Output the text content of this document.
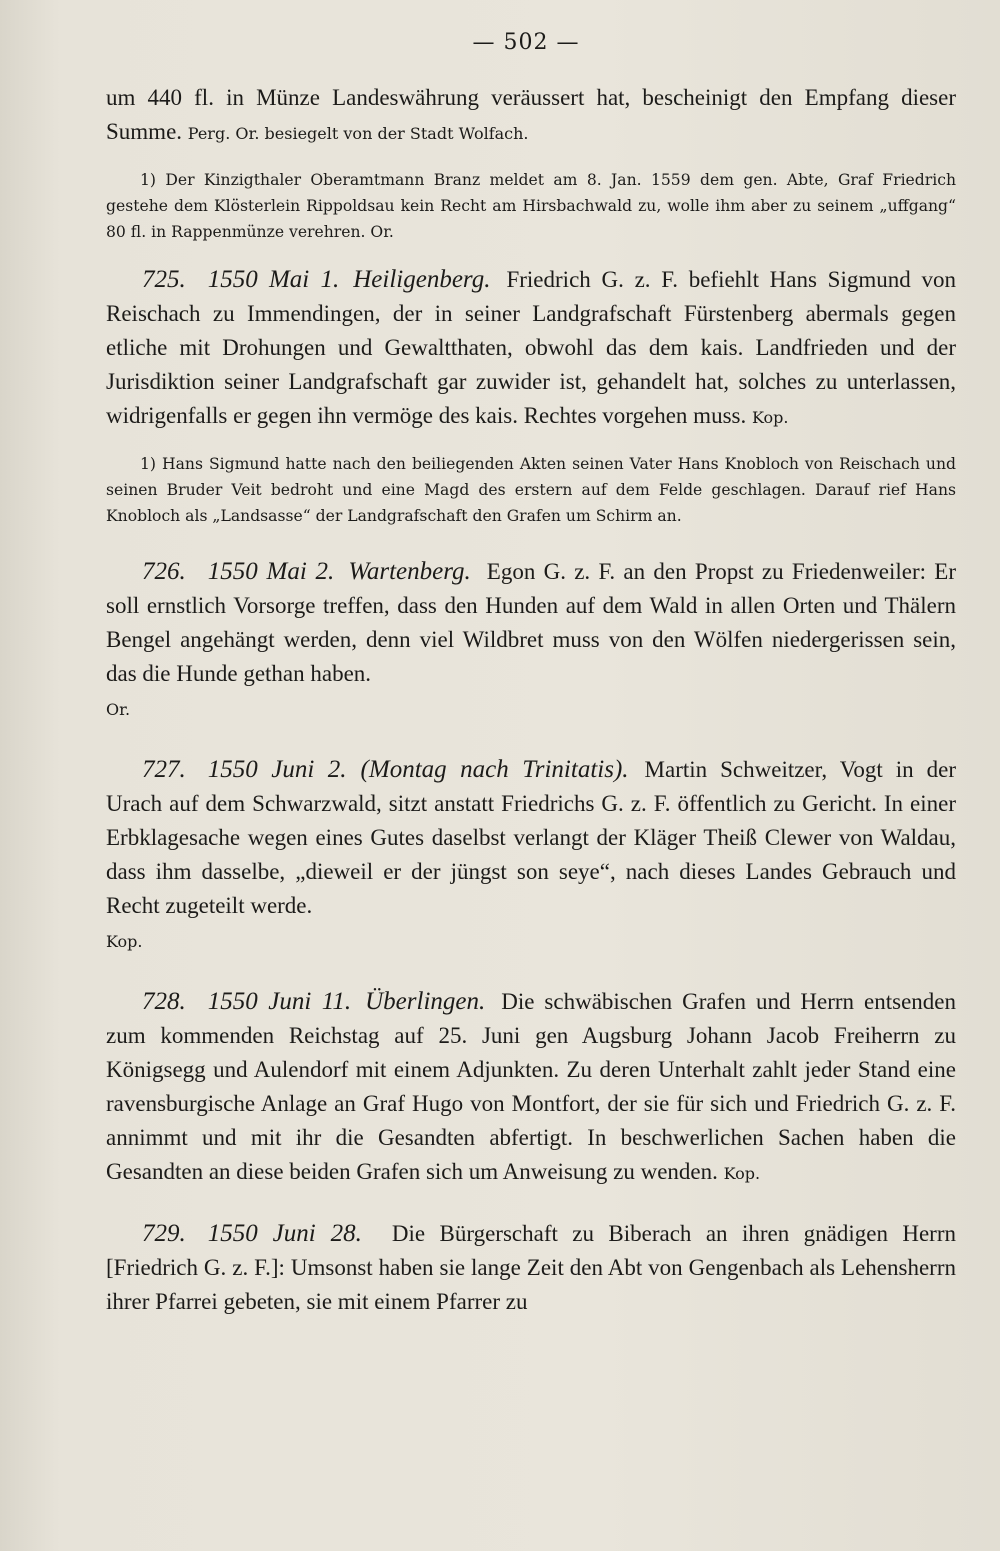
— 502 —

um 440 fl. in Münze Landeswährung veräussert hat, bescheinigt den Empfang dieser Summe. Perg. Or. besiegelt von der Stadt Wolfach.

1) Der Kinzigthaler Oberamtmann Branz meldet am 8. Jan. 1559 dem gen. Abte, Graf Friedrich gestehe dem Klösterlein Rippoldsau kein Recht am Hirsbachwald zu, wolle ihm aber zu seinem „uffgang“ 80 fl. in Rappenmünze verehren. Or.

725. 1550 Mai 1. Heiligenberg. Friedrich G. z. F. befiehlt Hans Sigmund von Reischach zu Immendingen, der in seiner Landgrafschaft Fürstenberg abermals gegen etliche mit Drohungen und Gewaltthaten, obwohl das dem kais. Landfrieden und der Jurisdiktion seiner Landgrafschaft gar zuwider ist, gehandelt hat, solches zu unterlassen, widrigenfalls er gegen ihn vermöge des kais. Rechtes vorgehen muss. Kop.

1) Hans Sigmund hatte nach den beiliegenden Akten seinen Vater Hans Knobloch von Reischach und seinen Bruder Veit bedroht und eine Magd des erstern auf dem Felde geschlagen. Darauf rief Hans Knobloch als „Landsasse“ der Landgrafschaft den Grafen um Schirm an.

726. 1550 Mai 2. Wartenberg. Egon G. z. F. an den Propst zu Friedenweiler: Er soll ernstlich Vorsorge treffen, dass den Hunden auf dem Wald in allen Orten und Thälern Bengel angehängt werden, denn viel Wildbret muss von den Wölfen niedergerissen sein, das die Hunde gethan haben.
Or.

727. 1550 Juni 2. (Montag nach Trinitatis). Martin Schweitzer, Vogt in der Urach auf dem Schwarzwald, sitzt anstatt Friedrichs G. z. F. öffentlich zu Gericht. In einer Erbklagesache wegen eines Gutes daselbst verlangt der Kläger Theiß Clewer von Waldau, dass ihm dasselbe, „dieweil er der jüngst son seye“, nach dieses Landes Gebrauch und Recht zugeteilt werde.
Kop.

728. 1550 Juni 11. Überlingen. Die schwäbischen Grafen und Herrn entsenden zum kommenden Reichstag auf 25. Juni gen Augsburg Johann Jacob Freiherrn zu Königsegg und Aulendorf mit einem Adjunkten. Zu deren Unterhalt zahlt jeder Stand eine ravensburgische Anlage an Graf Hugo von Montfort, der sie für sich und Friedrich G. z. F. annimmt und mit ihr die Gesandten abfertigt. In beschwerlichen Sachen haben die Gesandten an diese beiden Grafen sich um Anweisung zu wenden. Kop.

729. 1550 Juni 28. Die Bürgerschaft zu Biberach an ihren gnädigen Herrn [Friedrich G. z. F.]: Umsonst haben sie lange Zeit den Abt von Gengenbach als Lehensherrn ihrer Pfarrei gebeten, sie mit einem Pfarrer zu
